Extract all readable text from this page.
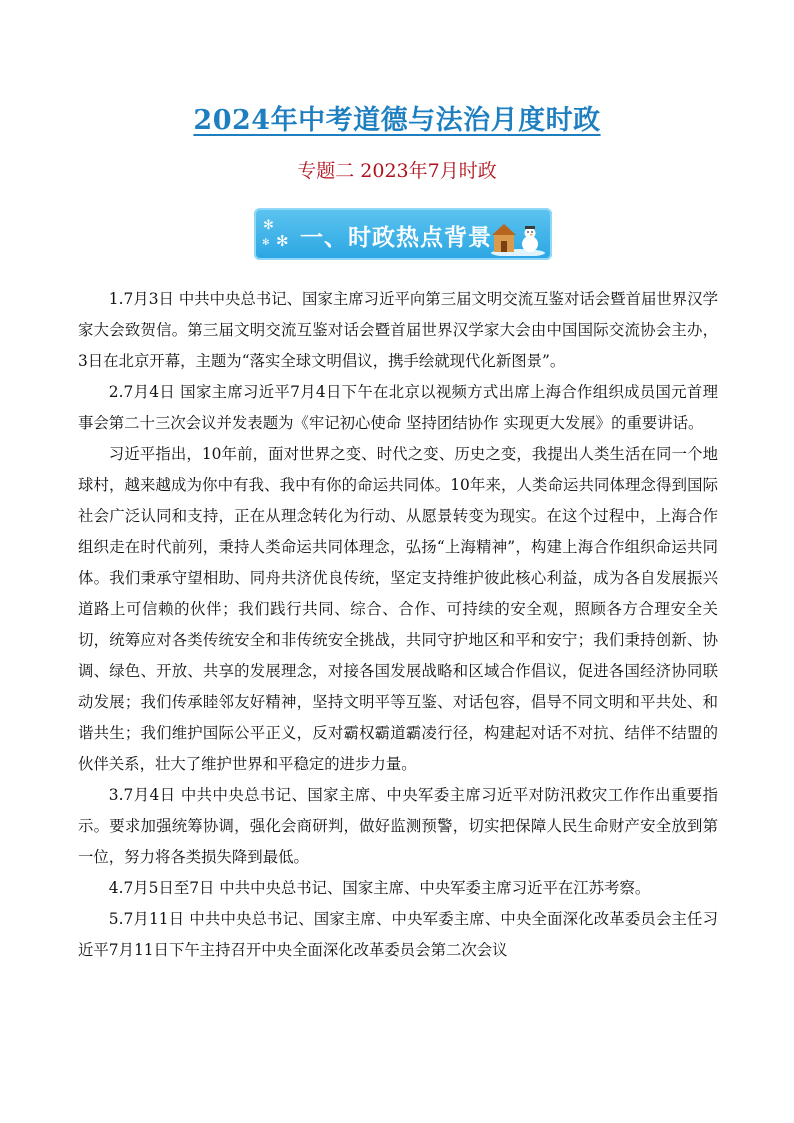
2024年中考道德与法治月度时政
专题二 2023年7月时政
✻
✻
✻ 一、时政热点背景

1.7月3日 中共中央总书记、国家主席习近平向第三届文明交流互鉴对话会暨首届世界汉学家大会致贺信。第三届文明交流互鉴对话会暨首届世界汉学家大会由中国国际交流协会主办，3日在北京开幕，主题为“落实全球文明倡议，携手绘就现代化新图景”。

2.7月4日 国家主席习近平7月4日下午在北京以视频方式出席上海合作组织成员国元首理事会第二十三次会议并发表题为《牢记初心使命 坚持团结协作 实现更大发展》的重要讲话。

习近平指出，10年前，面对世界之变、时代之变、历史之变，我提出人类生活在同一个地球村，越来越成为你中有我、我中有你的命运共同体。10年来，人类命运共同体理念得到国际社会广泛认同和支持，正在从理念转化为行动、从愿景转变为现实。在这个过程中，上海合作组织走在时代前列，秉持人类命运共同体理念，弘扬“上海精神”，构建上海合作组织命运共同体。我们秉承守望相助、同舟共济优良传统，坚定支持维护彼此核心利益，成为各自发展振兴道路上可信赖的伙伴；我们践行共同、综合、合作、可持续的安全观，照顾各方合理安全关切，统筹应对各类传统安全和非传统安全挑战，共同守护地区和平和安宁；我们秉持创新、协调、绿色、开放、共享的发展理念，对接各国发展战略和区域合作倡议，促进各国经济协同联动发展；我们传承睦邻友好精神，坚持文明平等互鉴、对话包容，倡导不同文明和平共处、和谐共生；我们维护国际公平正义，反对霸权霸道霸凌行径，构建起对话不对抗、结伴不结盟的伙伴关系，壮大了维护世界和平稳定的进步力量。

3.7月4日 中共中央总书记、国家主席、中央军委主席习近平对防汛救灾工作作出重要指示。要求加强统筹协调，强化会商研判，做好监测预警，切实把保障人民生命财产安全放到第一位，努力将各类损失降到最低。

4.7月5日至7日 中共中央总书记、国家主席、中央军委主席习近平在江苏考察。

5.7月11日 中共中央总书记、国家主席、中央军委主席、中央全面深化改革委员会主任习近平7月11日下午主持召开中央全面深化改革委员会第二次会议
